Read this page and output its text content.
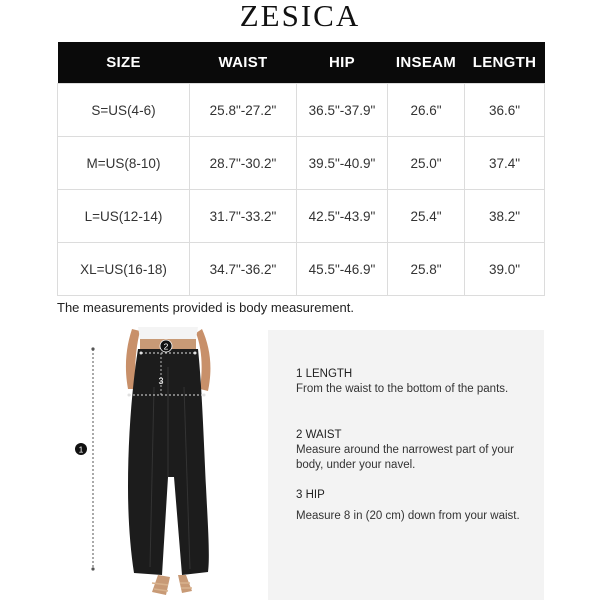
ZESICA
SIZE	WAIST	HIP	INSEAM	LENGTH
S=US(4-6)	25.8"-27.2"	36.5"-37.9"	26.6"	36.6"
M=US(8-10)	28.7"-30.2"	39.5"-40.9"	25.0"	37.4"
L=US(12-14)	31.7"-33.2"	42.5"-43.9"	25.4"	38.2"
XL=US(16-18)	34.7"-36.2"	45.5"-46.9"	25.8"	39.0"
The measurements provided is body measurement.
1
2
3
1 LENGTH
From the waist to the bottom of the pants.
2 WAIST
Measure around the narrowest part of your body, under your navel.
3 HIP
Measure 8 in (20 cm) down from your waist.
